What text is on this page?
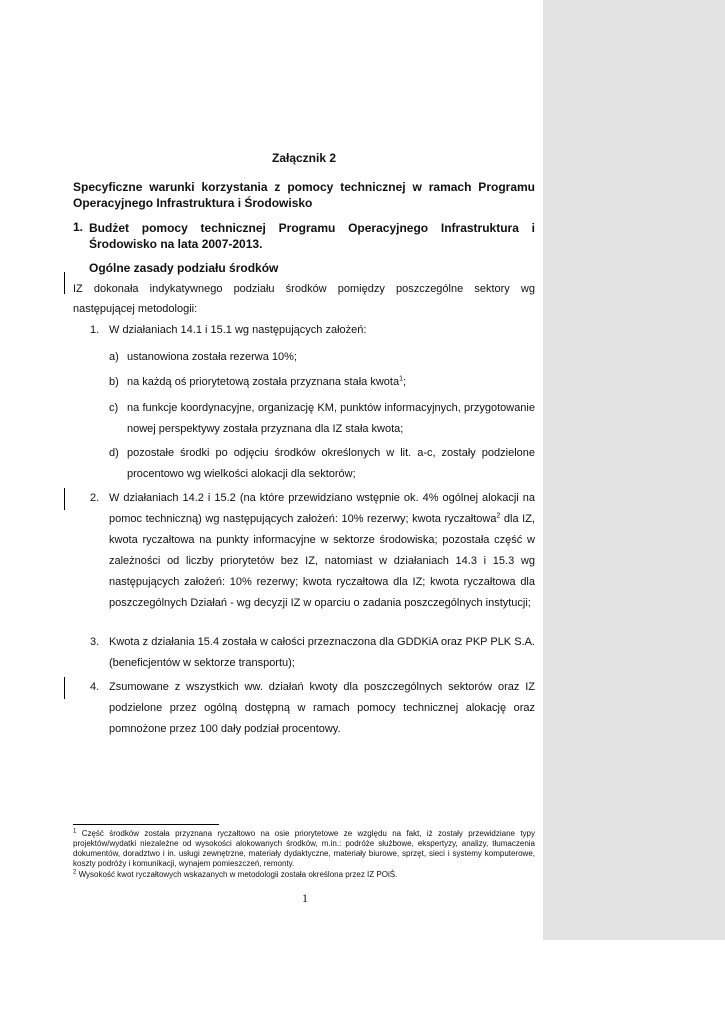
Załącznik 2
Specyficzne warunki korzystania z pomocy technicznej w ramach Programu Operacyjnego Infrastruktura i Środowisko
1. Budżet pomocy technicznej Programu Operacyjnego Infrastruktura i Środowisko na lata 2007-2013.
Ogólne zasady podziału środków
IZ dokonała indykatywnego podziału środków pomiędzy poszczególne sektory wg następującej metodologii:
1. W działaniach 14.1 i 15.1 wg następujących założeń:
a) ustanowiona została rezerwa 10%;
b) na każdą oś priorytetową została przyznana stała kwota$^1$;
c) na funkcje koordynacyjne, organizację KM, punktów informacyjnych, przygotowanie nowej perspektywy została przyznana dla IZ stała kwota;
d) pozostałe środki po odjęciu środków określonych w lit. a-c, zostały podzielone procentowo wg wielkości alokacji dla sektorów;
2. W działaniach 14.2 i 15.2 (na które przewidziano wstępnie ok. 4% ogólnej alokacji na pomoc techniczną) wg następujących założeń: 10% rezerwy; kwota ryczałtowa$^2$ dla IZ, kwota ryczałtowa na punkty informacyjne w sektorze środowiska; pozostała część w zależności od liczby priorytetów bez IZ, natomiast w działaniach 14.3 i 15.3 wg następujących założeń: 10% rezerwy; kwota ryczałtowa dla IZ; kwota ryczałtowa dla poszczególnych Działań - wg decyzji IZ w oparciu o zadania poszczególnych instytucji;
3. Kwota z działania 15.4 została w całości przeznaczona dla GDDKiA oraz PKP PLK S.A. (beneficjentów w sektorze transportu);
4. Zsumowane z wszystkich ww. działań kwoty dla poszczególnych sektorów oraz IZ podzielone przez ogólną dostępną w ramach pomocy technicznej alokację oraz pomnożone przez 100 dały podział procentowy.
$^1$ Część środków została przyznana ryczałtowo na osie priorytetowe ze względu na fakt, iż zostały przewidziane typy projektów/wydatki niezależne od wysokości alokowanych środków, m.in.: podróże służbowe, ekspertyzy, analizy, tłumaczenia dokumentów, doradztwo i in. usługi zewnętrzne, materiały dydaktyczne, materiały biurowe, sprzęt, sieci i systemy komputerowe, koszty podróży i komunikacji, wynajem pomieszczeń, remonty.
$^2$ Wysokość kwot ryczałtowych wskazanych w metodologii została określona przez IZ POiŚ.
1
